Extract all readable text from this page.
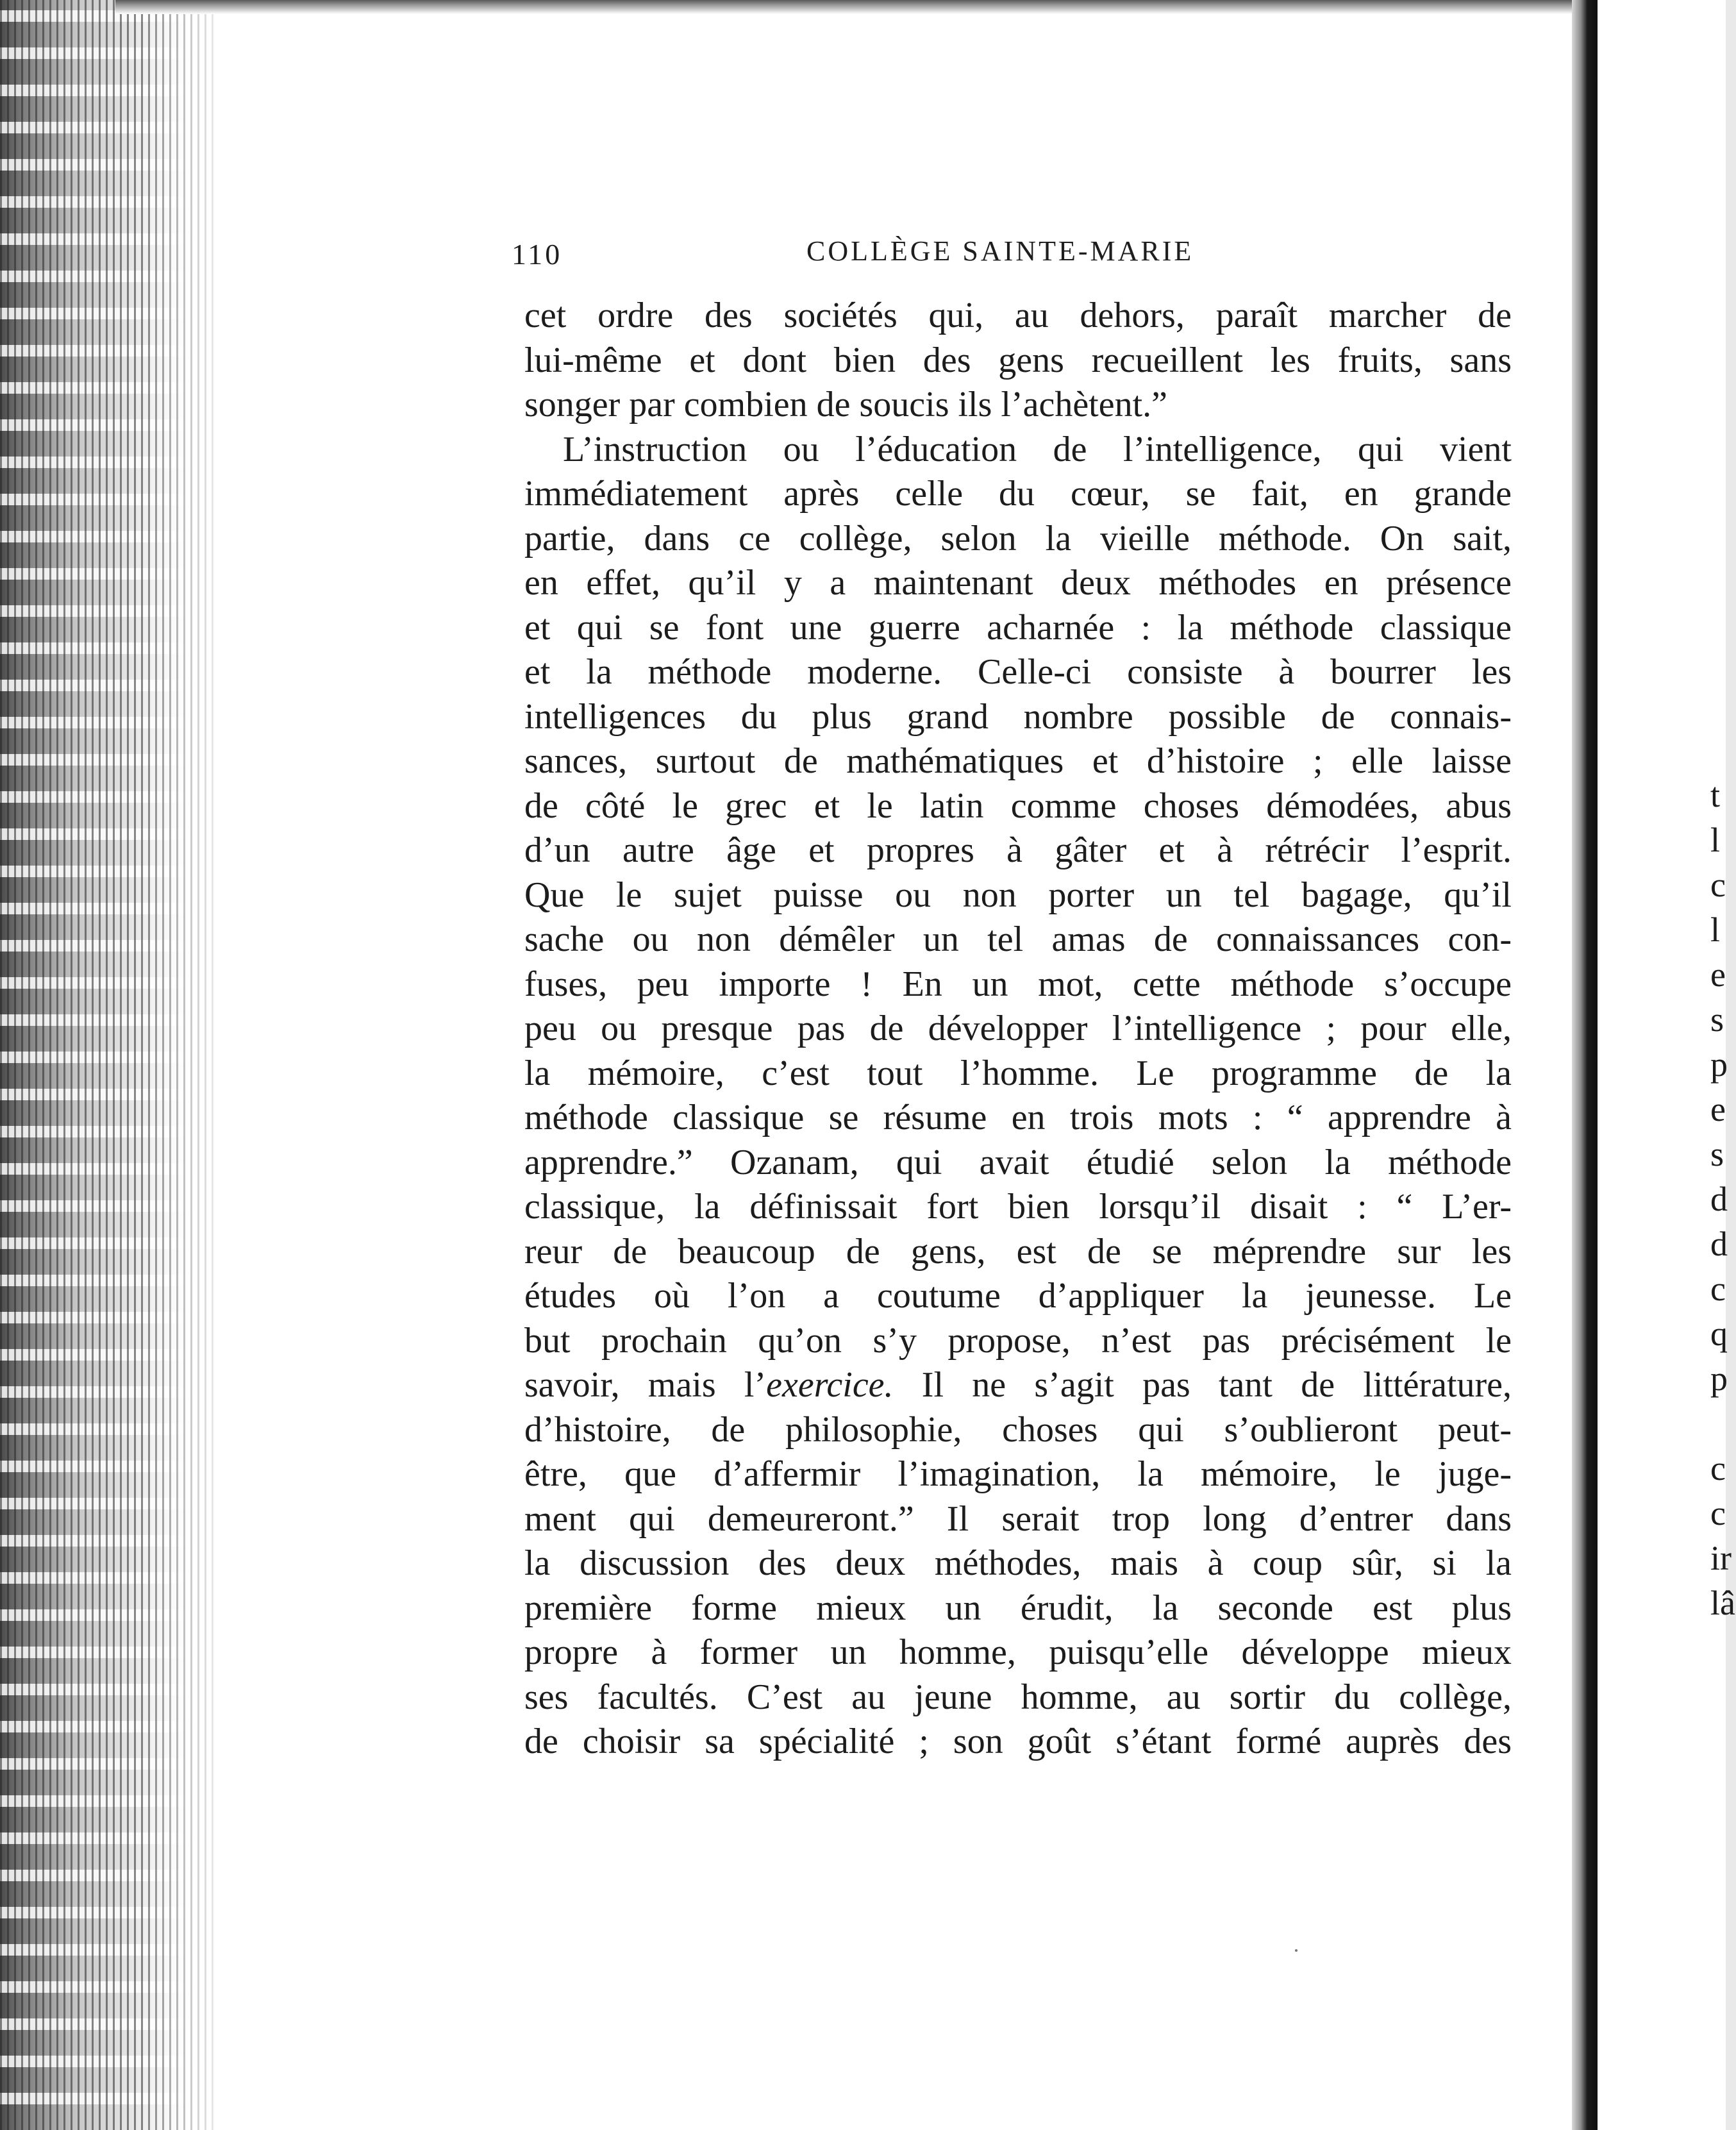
t
l
c
l
e
s
p
e
s
d
d
c
q
p

c
c
ir
lâ
110	COLLÈGE SAINTE-MARIE
cet ordre des sociétés qui, au dehors, paraît marcher de
lui-même et dont bien des gens recueillent les fruits, sans
songer par combien de soucis ils l’achètent.”
L’instruction ou l’éducation de l’intelligence, qui vient
immédiatement après celle du cœur, se fait, en grande
partie, dans ce collège, selon la vieille méthode. On sait,
en effet, qu’il y a maintenant deux méthodes en présence
et qui se font une guerre acharnée : la méthode classique
et la méthode moderne. Celle-ci consiste à bourrer les
intelligences du plus grand nombre possible de connais-
sances, surtout de mathématiques et d’histoire ; elle laisse
de côté le grec et le latin comme choses démodées, abus
d’un autre âge et propres à gâter et à rétrécir l’esprit.
Que le sujet puisse ou non porter un tel bagage, qu’il
sache ou non démêler un tel amas de connaissances con-
fuses, peu importe ! En un mot, cette méthode s’occupe
peu ou presque pas de développer l’intelligence ; pour elle,
la mémoire, c’est tout l’homme. Le programme de la
méthode classique se résume en trois mots : “ apprendre à
apprendre.” Ozanam, qui avait étudié selon la méthode
classique, la définissait fort bien lorsqu’il disait : “ L’er-
reur de beaucoup de gens, est de se méprendre sur les
études où l’on a coutume d’appliquer la jeunesse. Le
but prochain qu’on s’y propose, n’est pas précisément le
savoir, mais l’exercice. Il ne s’agit pas tant de littérature,
d’histoire, de philosophie, choses qui s’oublieront peut-
être, que d’affermir l’imagination, la mémoire, le juge-
ment qui demeureront.” Il serait trop long d’entrer dans
la discussion des deux méthodes, mais à coup sûr, si la
première forme mieux un érudit, la seconde est plus
propre à former un homme, puisqu’elle développe mieux
ses facultés. C’est au jeune homme, au sortir du collège,
de choisir sa spécialité ; son goût s’étant formé auprès des
